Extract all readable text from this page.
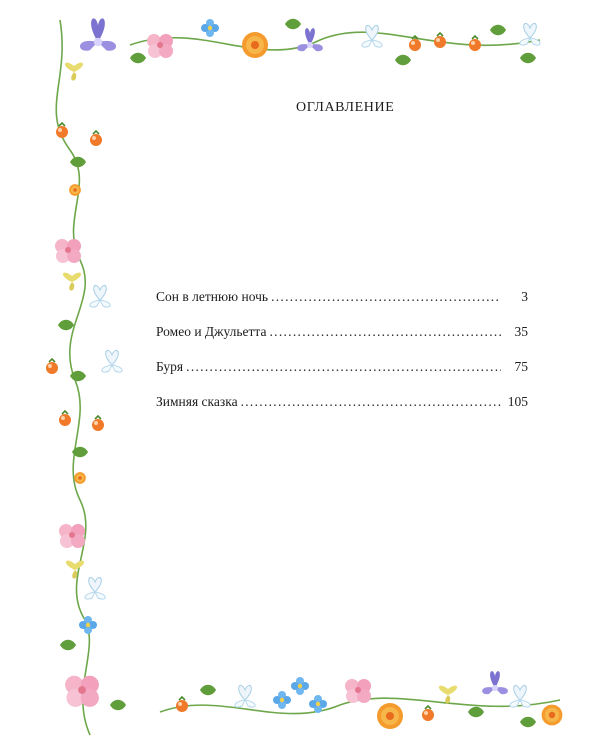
ОГЛАВЛЕНИЕ
Сон в летнюю ночь .....	3
Ромео и Джульетта .....	35
Буря .....	75
Зимняя сказка .....	105
